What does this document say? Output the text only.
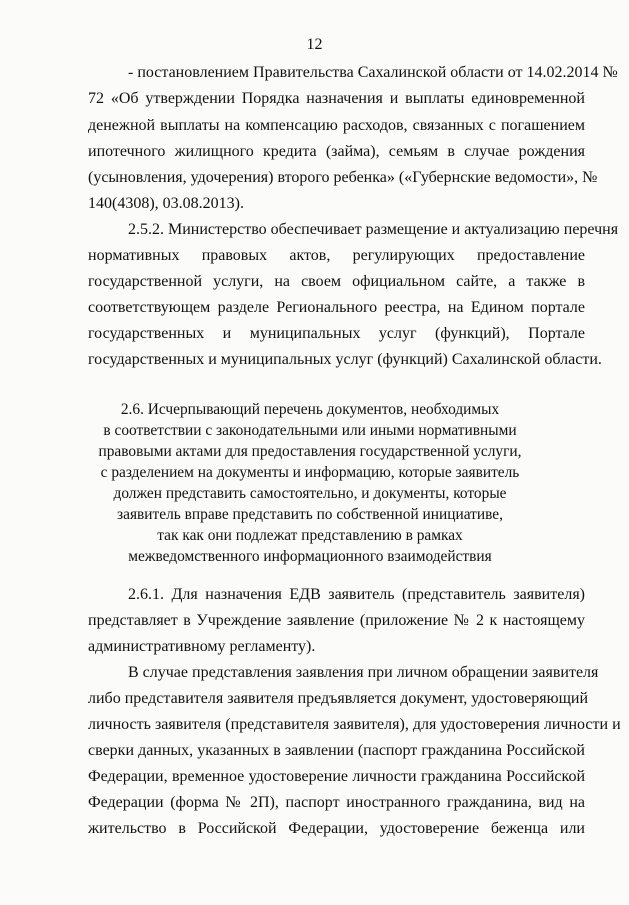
12

- постановлением Правительства Сахалинской области от 14.02.2014 №

72 «Об утверждении Порядка назначения и выплаты единовременной

денежной выплаты на компенсацию расходов, связанных с погашением

ипотечного жилищного кредита (займа), семьям в случае рождения

(усыновления, удочерения) второго ребенка» («Губернские ведомости», №

140(4308), 03.08.2013).

2.5.2. Министерство обеспечивает размещение и актуализацию перечня

нормативных правовых актов, регулирующих предоставление

государственной услуги, на своем официальном сайте, а также в

соответствующем разделе Регионального реестра, на Едином портале

государственных и муниципальных услуг (функций), Портале

государственных и муниципальных услуг (функций) Сахалинской области.

2.6. Исчерпывающий перечень документов, необходимых

в соответствии с законодательными или иными нормативными

правовыми актами для предоставления государственной услуги,

с разделением на документы и информацию, которые заявитель

должен представить самостоятельно, и документы, которые

заявитель вправе представить по собственной инициативе,

так как они подлежат представлению в рамках

межведомственного информационного взаимодействия

2.6.1. Для назначения ЕДВ заявитель (представитель заявителя)

представляет в Учреждение заявление (приложение № 2 к настоящему

административному регламенту).

В случае представления заявления при личном обращении заявителя

либо представителя заявителя предъявляется документ, удостоверяющий

личность заявителя (представителя заявителя), для удостоверения личности и

сверки данных, указанных в заявлении (паспорт гражданина Российской

Федерации, временное удостоверение личности гражданина Российской

Федерации (форма № 2П), паспорт иностранного гражданина, вид на

жительство в Российской Федерации, удостоверение беженца или
